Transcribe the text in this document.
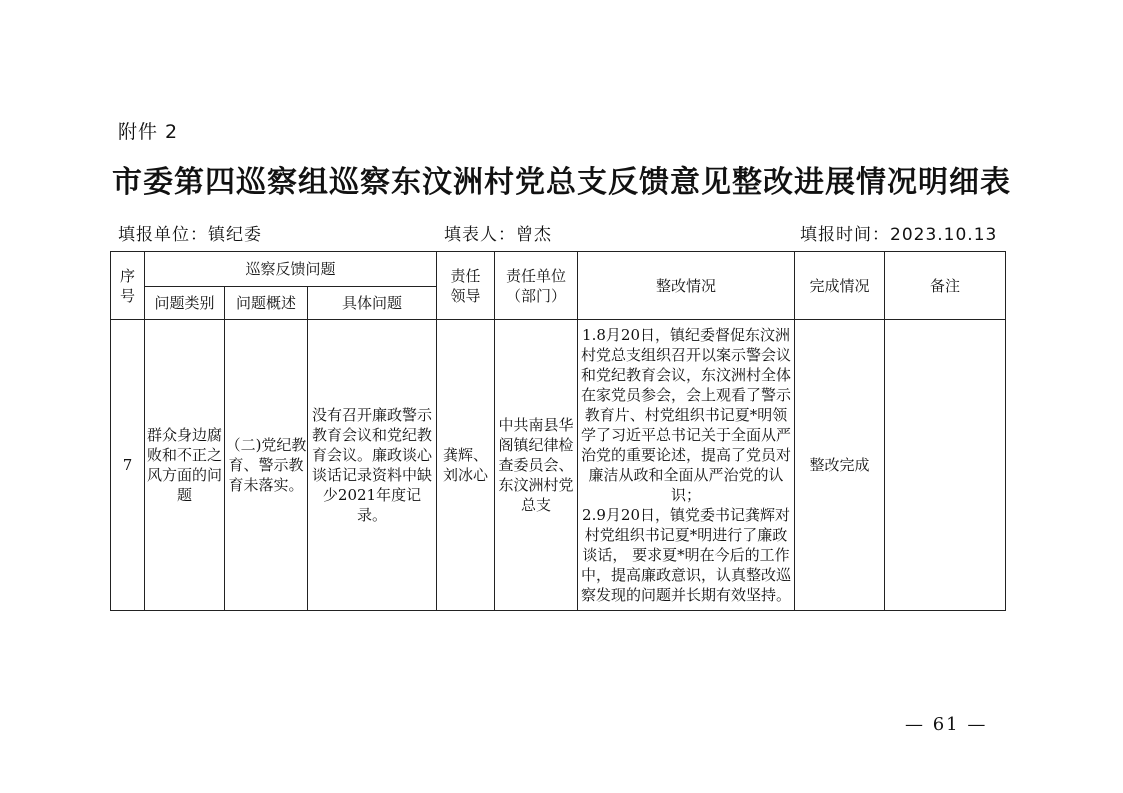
附件 2
市委第四巡察组巡察东汶洲村党总支反馈意见整改进展情况明细表
填报单位：镇纪委	填表人：曾杰	填报时间：2023.10.13
序号	巡察反馈问题			责任领导	责任单位（部门）	整改情况	完成情况	备注
	问题类别	问题概述	具体问题					
7	群众身边腐败和不正之风方面的问题	（二)党纪教育、警示教育未落实。	没有召开廉政警示教育会议和党纪教育会议。廉政谈心谈话记录资料中缺少2021年度记录。	龚辉、刘冰心	中共南县华阁镇纪律检查委员会、东汶洲村党总支	1.8月20日，镇纪委督促东汶洲村党总支组织召开以案示警会议和党纪教育会议，东汶洲村全体在家党员参会，会上观看了警示教育片、村党组织书记夏*明领学了习近平总书记关于全面从严治党的重要论述，提高了党员对廉洁从政和全面从严治党的认识；

2.9月20日，镇党委书记龚辉对村党组织书记夏*明进行了廉政谈话， 要求夏*明在今后的工作中，提高廉政意识，认真整改巡察发现的问题并长期有效坚持。	整改完成	
— 61 —
